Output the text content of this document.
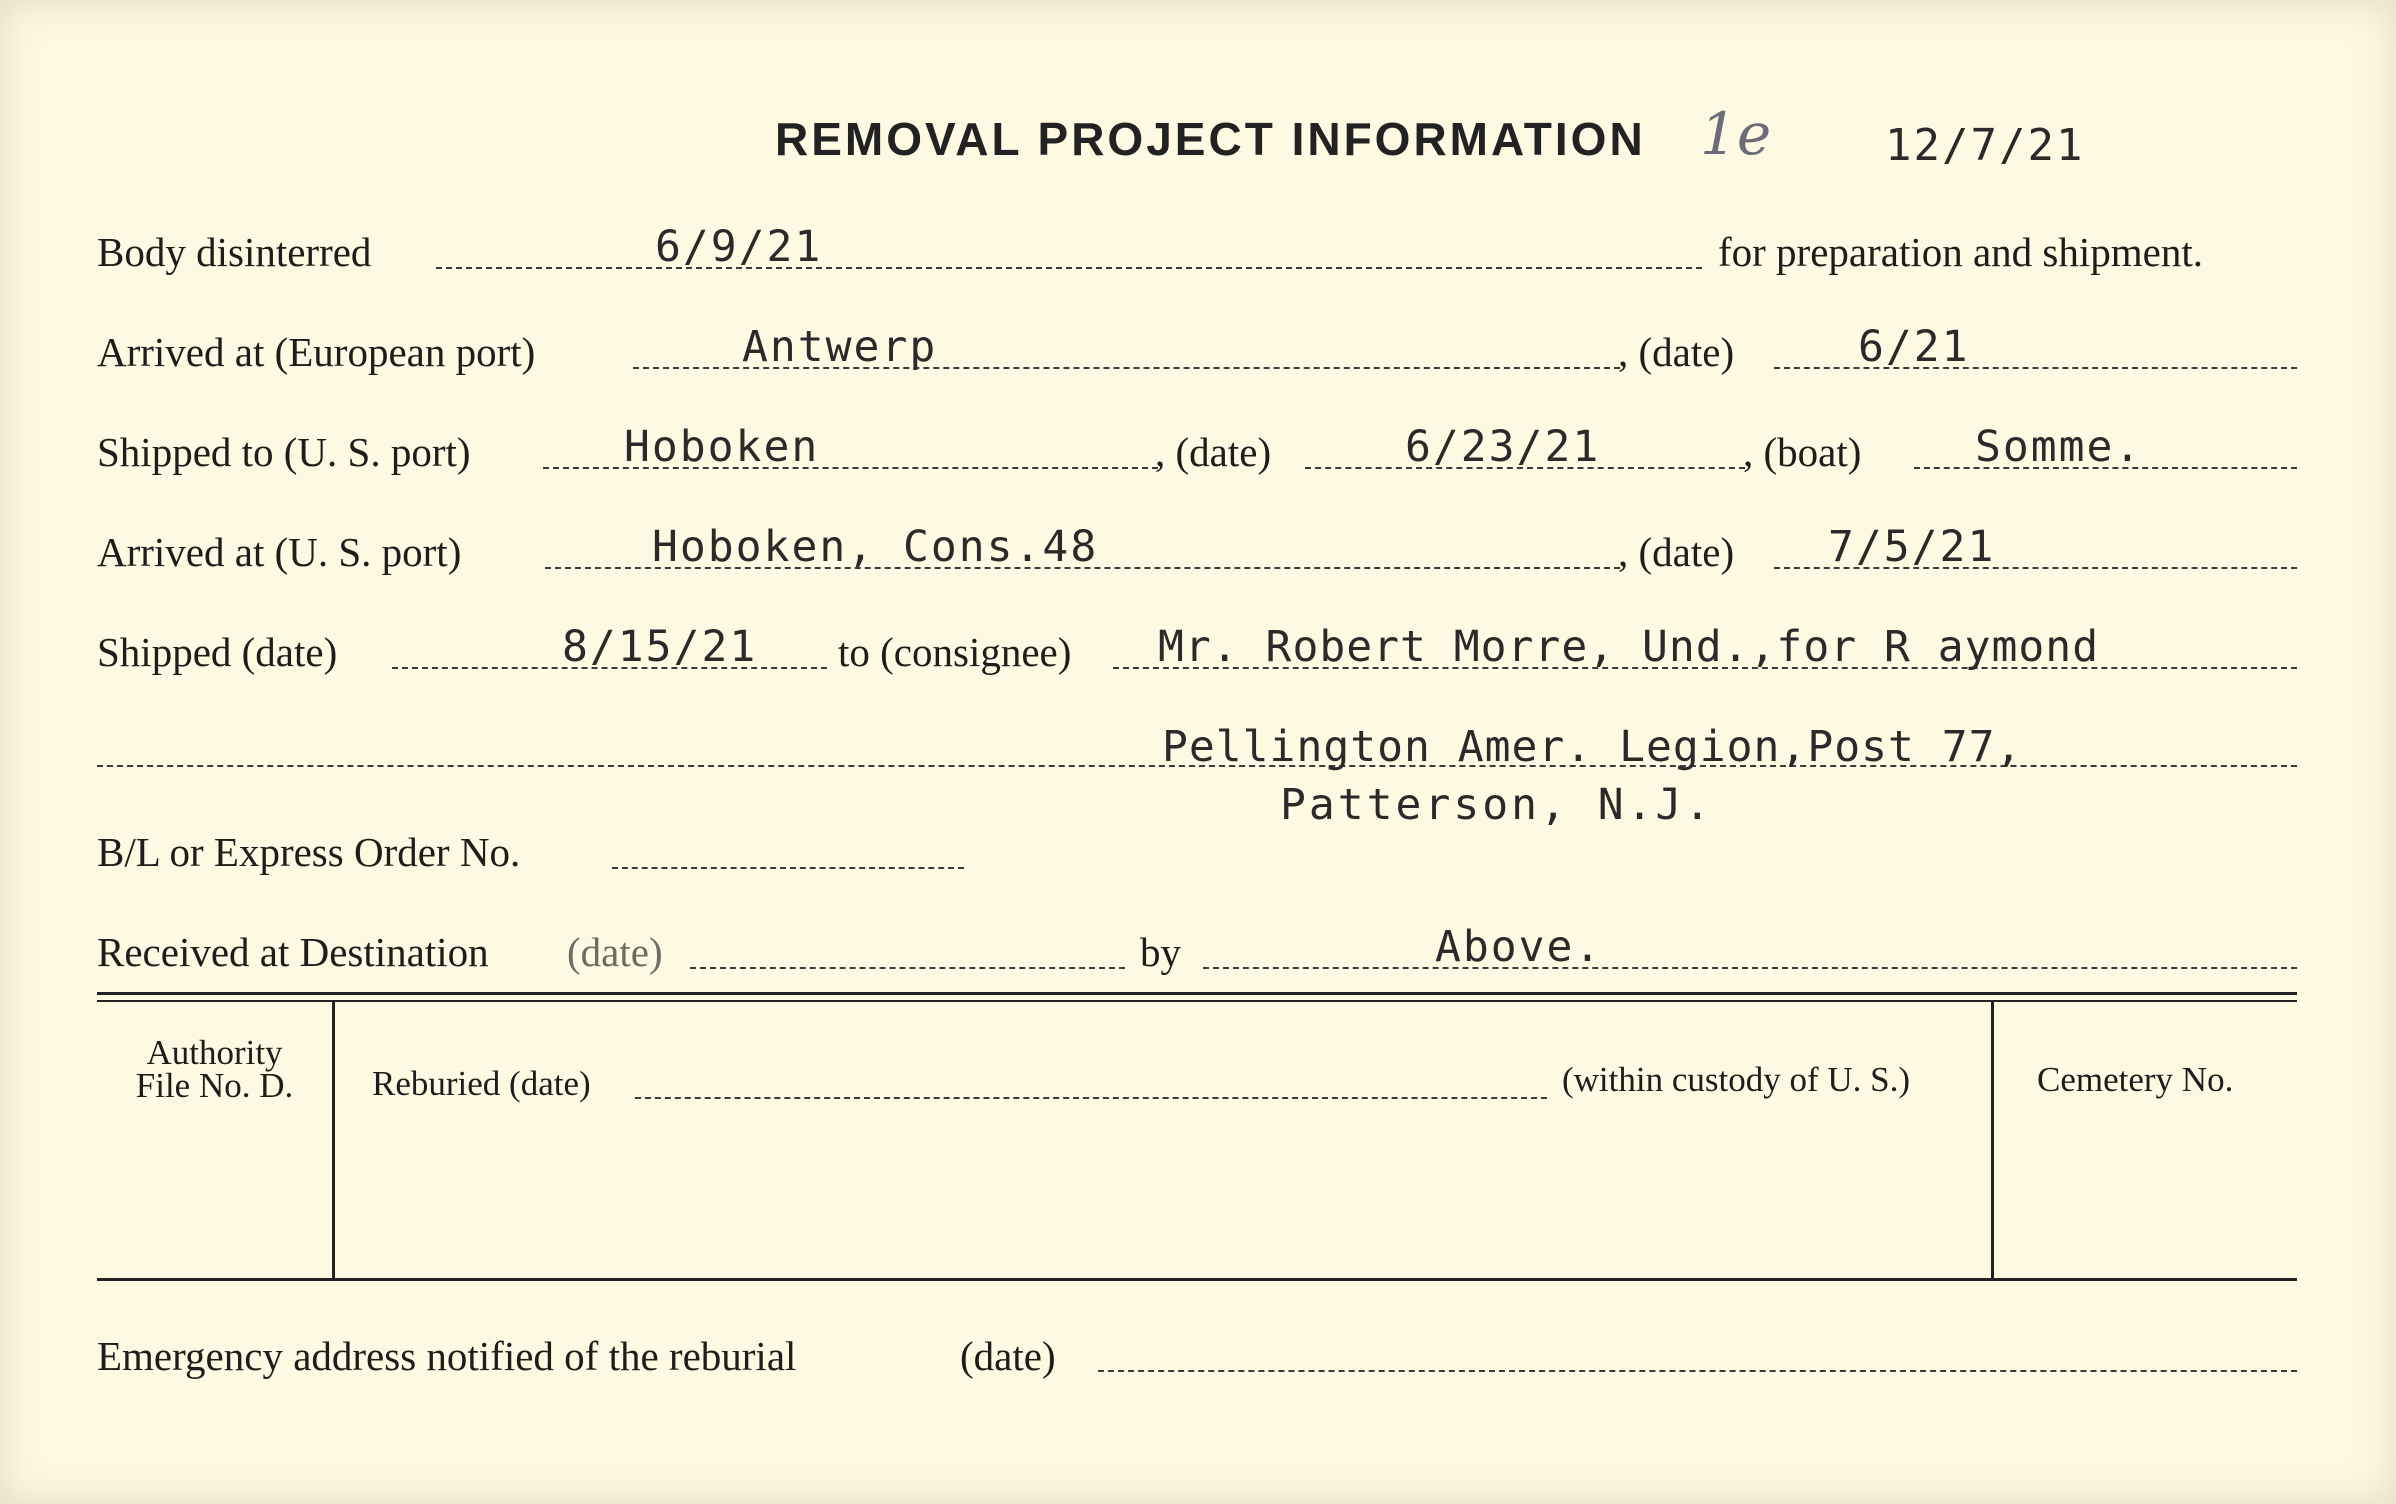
REMOVAL PROJECT INFORMATION 1e	12/7/21
Body disinterred	6/9/21	for preparation and shipment.
Arrived at (European port)	Antwerp	, (date)	6/21
Shipped to (U. S. port)	Hoboken	, (date)	6/23/21	, (boat)	Somme.
Arrived at (U. S. port)	Hoboken, Cons.48	, (date) 7/5/21
Shipped (date)	8/15/21 to (consignee) Mr. Robert Morre, Und.,for R aymond
Pellington Amer. Legion,Post 77,
Patterson, N.J.
B/L or Express Order No.
Received at Destination (date)	by	Above.
Authority
File No. D.	Reburied (date)	(within custody of U. S.)	Cemetery No.
Emergency address notified of the reburial	(date)
